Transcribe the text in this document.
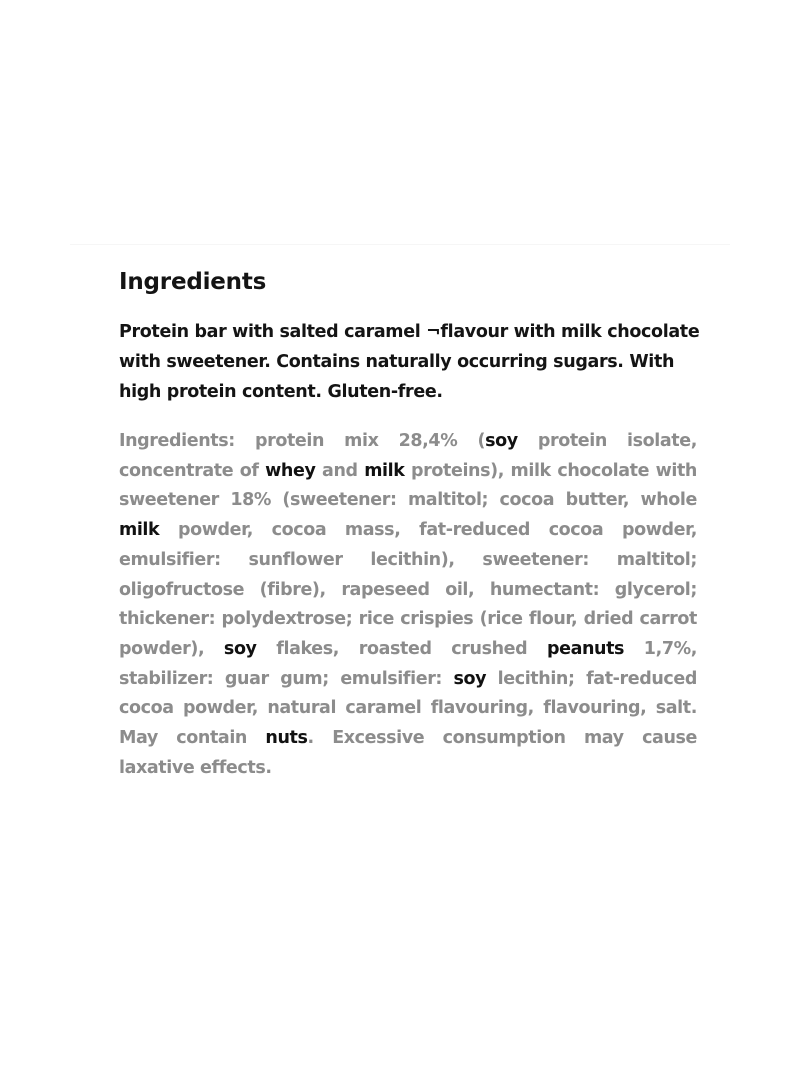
Ingredients

Protein bar with salted caramel ¬flavour with milk chocolate with sweetener. Contains naturally occurring sugars. With high protein content. Gluten-free.

Ingredients: protein mix 28,4% (soy protein isolate, concentrate of whey and milk proteins), milk chocolate with sweetener 18% (sweetener: maltitol; cocoa butter, whole milk powder, cocoa mass, fat-reduced cocoa powder, emulsifier: sunflower lecithin), sweetener: maltitol; oligofructose (fibre), rapeseed oil, humectant: glycerol; thickener: polydextrose; rice crispies (rice flour, dried carrot powder), soy flakes, roasted crushed peanuts 1,7%, stabilizer: guar gum; emulsifier: soy lecithin; fat-reduced cocoa powder, natural caramel flavouring, flavouring, salt. May contain nuts. Excessive consumption may cause laxative effects.
